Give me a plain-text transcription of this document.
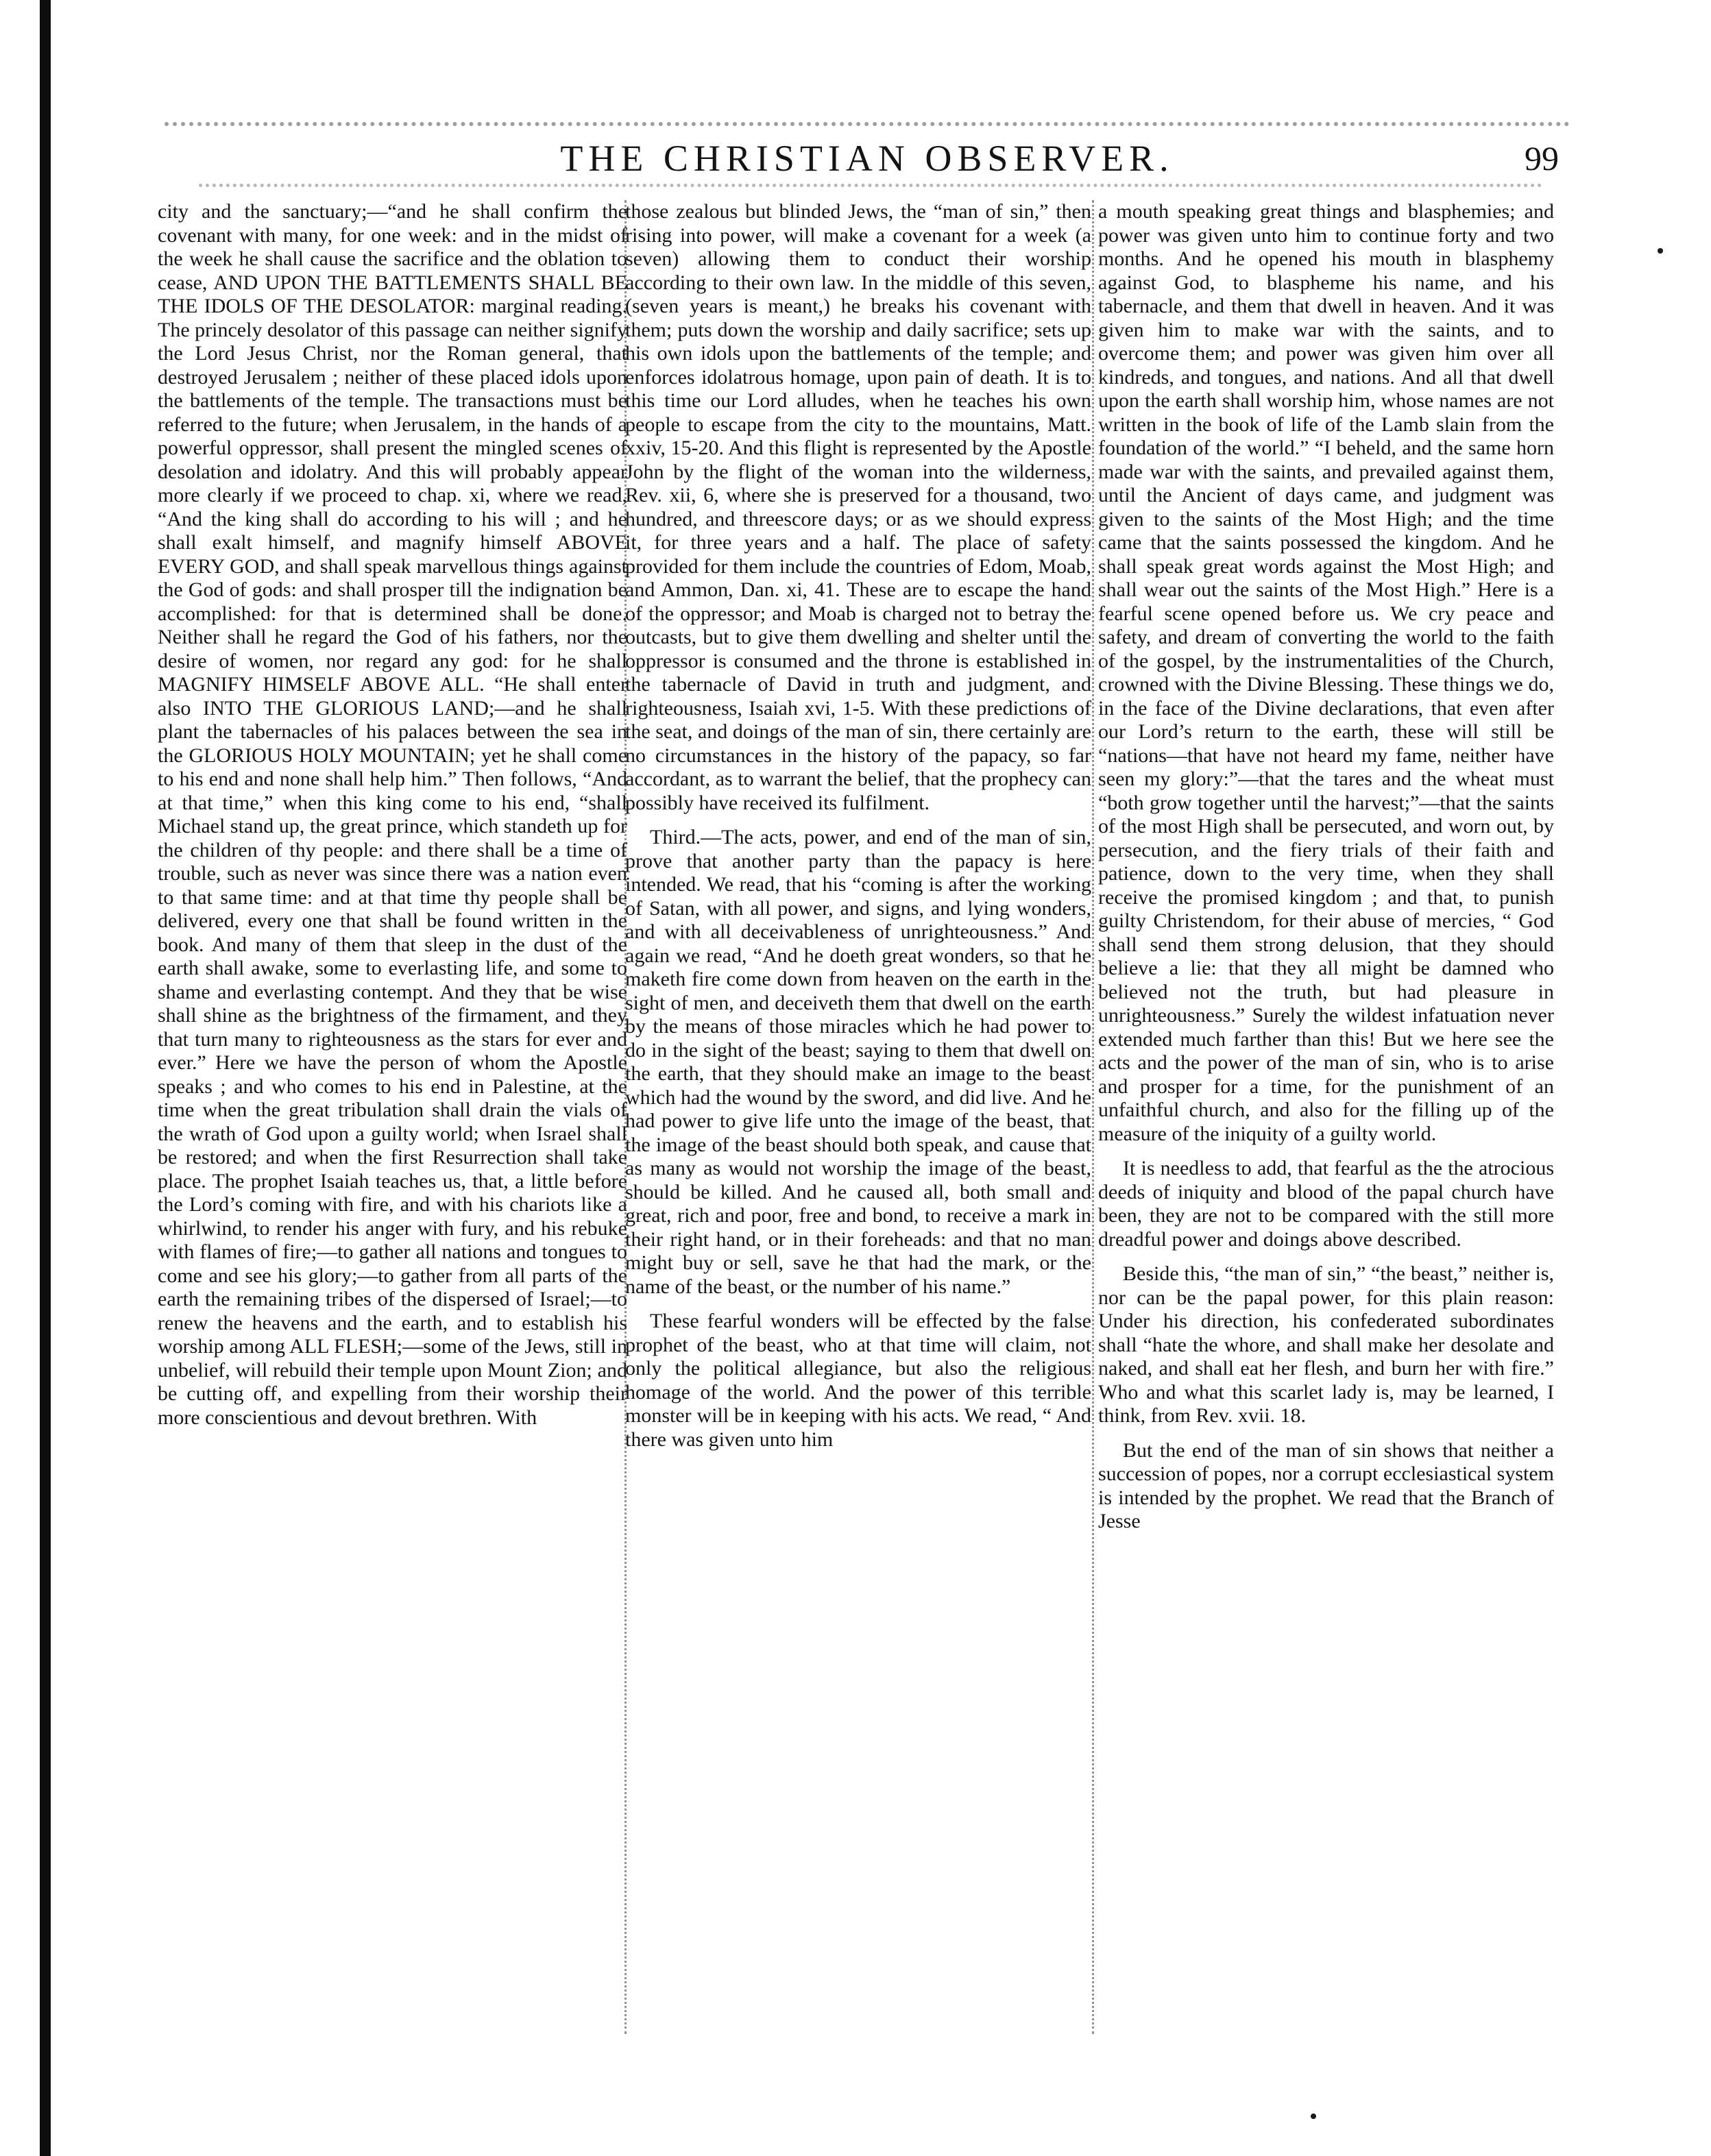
THE CHRISTIAN OBSERVER.	99

city and the sanctuary;—“and he shall confirm the covenant with many, for one week: and in the midst of the week he shall cause the sacrifice and the oblation to cease, AND UPON THE BATTLEMENTS SHALL BE THE IDOLS OF THE DESOLATOR: marginal reading. The princely desolator of this passage can neither signify the Lord Jesus Christ, nor the Roman general, that destroyed Jerusalem ; neither of these placed idols upon the battlements of the temple. The transactions must be referred to the future; when Jerusalem, in the hands of a powerful oppressor, shall present the mingled scenes of desolation and idolatry. And this will probably appear more clearly if we proceed to chap. xi, where we read, “And the king shall do according to his will ; and he shall exalt himself, and magnify himself ABOVE EVERY GOD, and shall speak marvellous things against the God of gods: and shall prosper till the indignation be accomplished: for that is determined shall be done. Neither shall he regard the God of his fathers, nor the desire of women, nor regard any god: for he shall MAGNIFY HIMSELF ABOVE ALL. “He shall enter also INTO THE GLORIOUS LAND;—and he shall plant the tabernacles of his palaces between the sea in the GLORIOUS HOLY MOUNTAIN; yet he shall come to his end and none shall help him.” Then follows, “And at that time,” when this king come to his end, “shall Michael stand up, the great prince, which standeth up for the children of thy people: and there shall be a time of trouble, such as never was since there was a nation even to that same time: and at that time thy people shall be delivered, every one that shall be found written in the book. And many of them that sleep in the dust of the earth shall awake, some to everlasting life, and some to shame and everlasting contempt. And they that be wise shall shine as the brightness of the firmament, and they that turn many to righteousness as the stars for ever and ever.” Here we have the person of whom the Apostle speaks ; and who comes to his end in Palestine, at the time when the great tribulation shall drain the vials of the wrath of God upon a guilty world; when Israel shall be restored; and when the first Resurrection shall take place. The prophet Isaiah teaches us, that, a little before the Lord’s coming with fire, and with his chariots like a whirlwind, to render his anger with fury, and his rebuke with flames of fire;—to gather all nations and tongues to come and see his glory;—to gather from all parts of the earth the remaining tribes of the dispersed of Israel;—to renew the heavens and the earth, and to establish his worship among ALL FLESH;—some of the Jews, still in unbelief, will rebuild their temple upon Mount Zion; and be cutting off, and expelling from their worship their more conscientious and devout brethren. With

those zealous but blinded Jews, the “man of sin,” then rising into power, will make a covenant for a week (a seven) allowing them to conduct their worship according to their own law. In the middle of this seven, (seven years is meant,) he breaks his covenant with them; puts down the worship and daily sacrifice; sets up his own idols upon the battlements of the temple; and enforces idolatrous homage, upon pain of death. It is to this time our Lord alludes, when he teaches his own people to escape from the city to the mountains, Matt. xxiv, 15-20. And this flight is represented by the Apostle John by the flight of the woman into the wilderness, Rev. xii, 6, where she is preserved for a thousand, two hundred, and threescore days; or as we should express it, for three years and a half. The place of safety provided for them include the countries of Edom, Moab, and Ammon, Dan. xi, 41. These are to escape the hand of the oppressor; and Moab is charged not to betray the outcasts, but to give them dwelling and shelter until the oppressor is consumed and the throne is established in the tabernacle of David in truth and judgment, and righteousness, Isaiah xvi, 1-5. With these predictions of the seat, and doings of the man of sin, there certainly are no circumstances in the history of the papacy, so far accordant, as to warrant the belief, that the prophecy can possibly have received its fulfilment.

Third.—The acts, power, and end of the man of sin, prove that another party than the papacy is here intended. We read, that his “coming is after the working of Satan, with all power, and signs, and lying wonders, and with all deceivableness of unrighteousness.” And again we read, “And he doeth great wonders, so that he maketh fire come down from heaven on the earth in the sight of men, and deceiveth them that dwell on the earth by the means of those miracles which he had power to do in the sight of the beast; saying to them that dwell on the earth, that they should make an image to the beast which had the wound by the sword, and did live. And he had power to give life unto the image of the beast, that the image of the beast should both speak, and cause that as many as would not worship the image of the beast, should be killed. And he caused all, both small and great, rich and poor, free and bond, to receive a mark in their right hand, or in their foreheads: and that no man might buy or sell, save he that had the mark, or the name of the beast, or the number of his name.”

These fearful wonders will be effected by the false prophet of the beast, who at that time will claim, not only the political allegiance, but also the religious homage of the world. And the power of this terrible monster will be in keeping with his acts. We read, “ And there was given unto him

a mouth speaking great things and blasphemies; and power was given unto him to continue forty and two months. And he opened his mouth in blasphemy against God, to blaspheme his name, and his tabernacle, and them that dwell in heaven. And it was given him to make war with the saints, and to overcome them; and power was given him over all kindreds, and tongues, and nations. And all that dwell upon the earth shall worship him, whose names are not written in the book of life of the Lamb slain from the foundation of the world.” “I beheld, and the same horn made war with the saints, and prevailed against them, until the Ancient of days came, and judgment was given to the saints of the Most High; and the time came that the saints possessed the kingdom. And he shall speak great words against the Most High; and shall wear out the saints of the Most High.” Here is a fearful scene opened before us. We cry peace and safety, and dream of converting the world to the faith of the gospel, by the instrumentalities of the Church, crowned with the Divine Blessing. These things we do, in the face of the Divine declarations, that even after our Lord’s return to the earth, these will still be “nations—that have not heard my fame, neither have seen my glory:”—that the tares and the wheat must “both grow together until the harvest;”—that the saints of the most High shall be persecuted, and worn out, by persecution, and the fiery trials of their faith and patience, down to the very time, when they shall receive the promised kingdom ; and that, to punish guilty Christendom, for their abuse of mercies, “ God shall send them strong delusion, that they should believe a lie: that they all might be damned who believed not the truth, but had pleasure in unrighteousness.” Surely the wildest infatuation never extended much farther than this! But we here see the acts and the power of the man of sin, who is to arise and prosper for a time, for the punishment of an unfaithful church, and also for the filling up of the measure of the iniquity of a guilty world.

It is needless to add, that fearful as the the atrocious deeds of iniquity and blood of the papal church have been, they are not to be compared with the still more dreadful power and doings above described.

Beside this, “the man of sin,” “the beast,” neither is, nor can be the papal power, for this plain reason: Under his direction, his confederated subordinates shall “hate the whore, and shall make her desolate and naked, and shall eat her flesh, and burn her with fire.” Who and what this scarlet lady is, may be learned, I think, from Rev. xvii. 18.

But the end of the man of sin shows that neither a succession of popes, nor a corrupt ecclesiastical system is intended by the prophet. We read that the Branch of Jesse
